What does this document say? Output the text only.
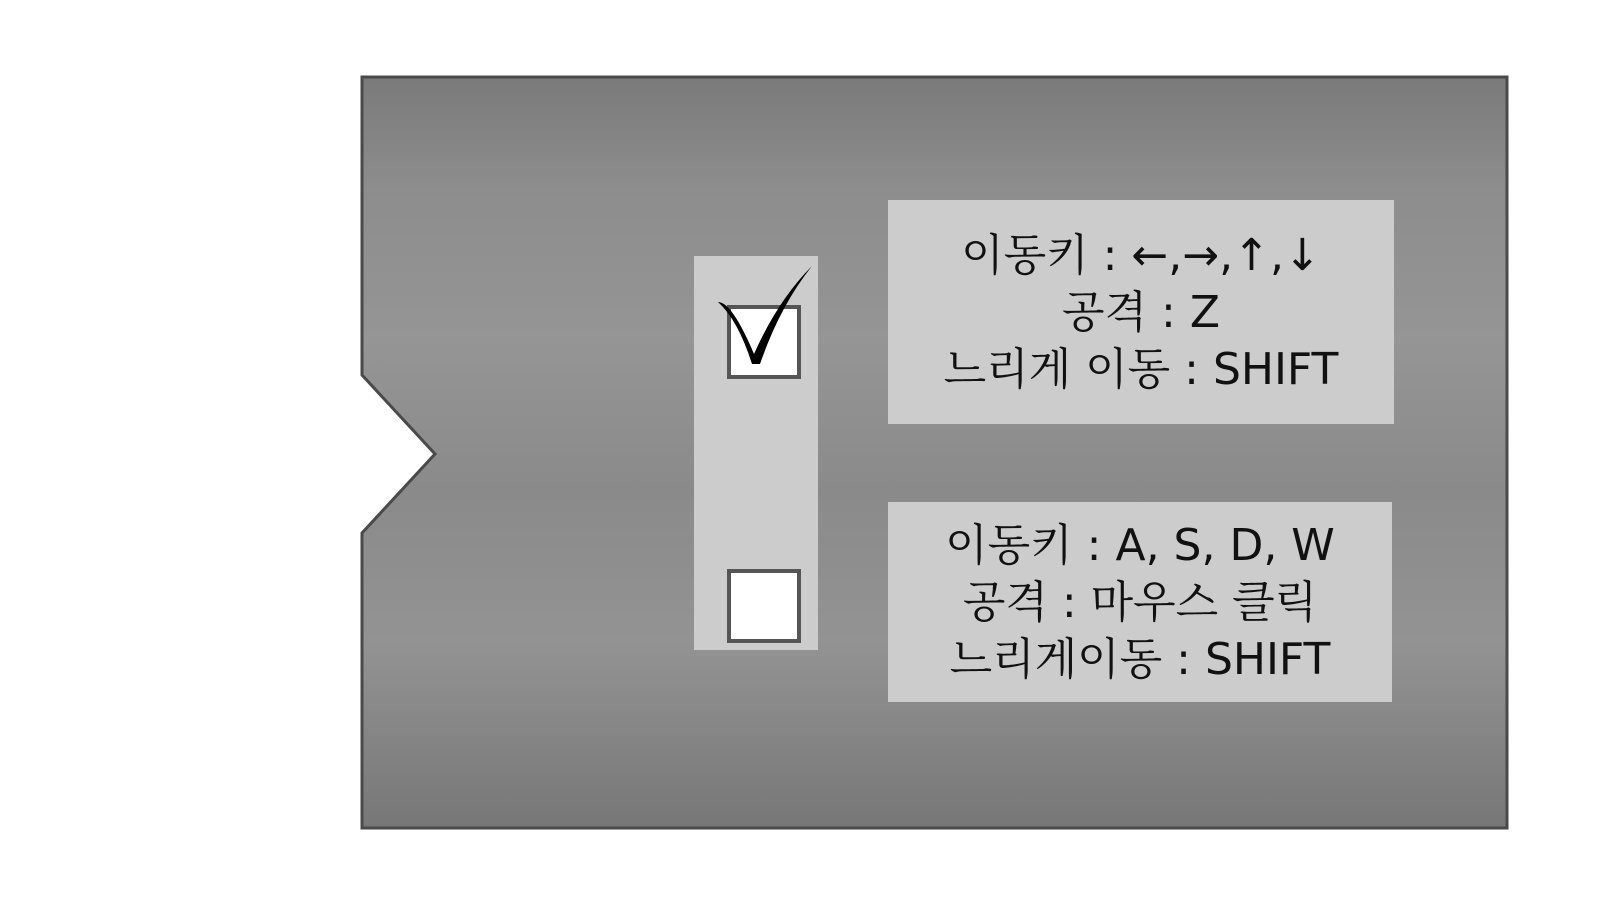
이동키 : ←,→,↑,↓
공격 : Z
느리게 이동 : SHIFT
이동키 : A, S, D, W
공격 : 마우스 클릭
느리게이동 : SHIFT
